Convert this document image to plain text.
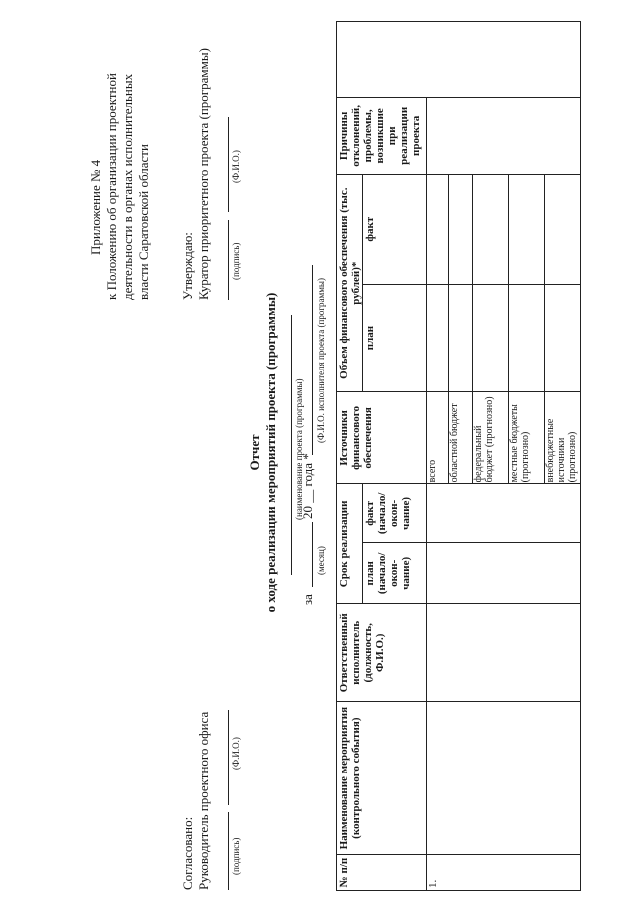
Приложение № 4 к Положению об организации проектной деятельности в органах исполнительных власти Саратовской области Утверждаю: Куратор приоритетного проекта (программы) (подпись)
(Ф.И.О.)
Согласовано: Руководитель проектного офиса (подпись)
(Ф.И.О.)
Отчет о ходе реализации мероприятий проекта (программы) (наименование проекта (программы)
за
20 __ года *
(месяц)
(Ф.И.О. исполнителя проекта (программы)
№ п/п	Наименование мероприятия (контрольного события)	Ответственный исполнитель (должность, Ф.И.О.)	Срок реализации		Источники финансового обеспечения	Объем финансового обеспечения (тыс. рублей)*		Причины отклонений, проблемы, возникшие при реализации проекта	
			план (начало/ окон- чание)	факт (начало/ окон- чание)		план	факт		
1.					всего				
					областной бюджет				
					федеральный бюджет (прогнозно)				
					местные бюджеты (прогнозно)				
					внебюджетные источники (прогнозно)				
